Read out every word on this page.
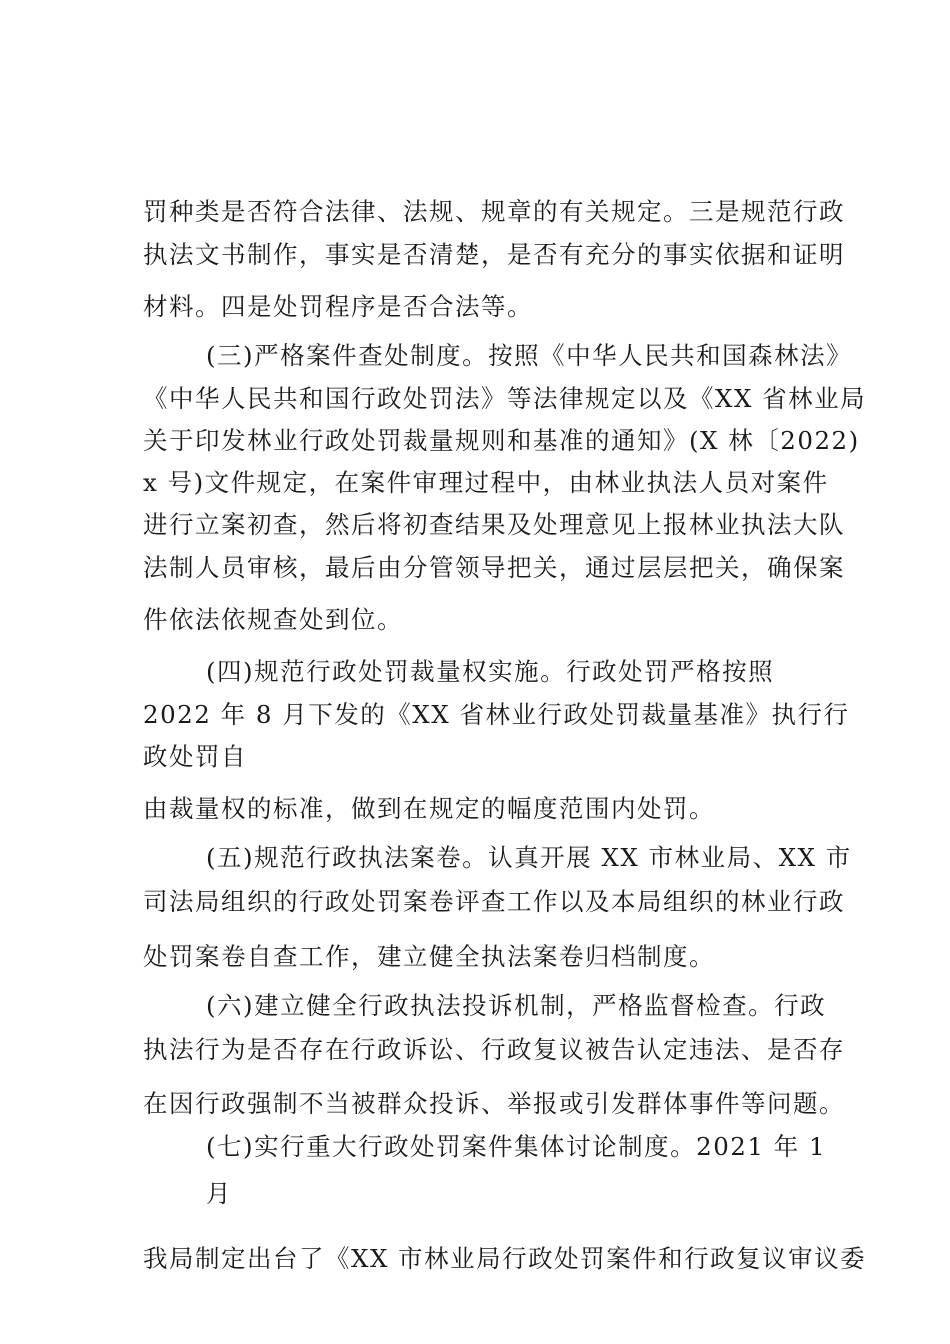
罚种类是否符合法律、法规、规章的有关规定。三是规范行政
执法文书制作，事实是否清楚，是否有充分的事实依据和证明
材料。四是处罚程序是否合法等。
(三)严格案件查处制度。按照《中华人民共和国森林法》
《中华人民共和国行政处罚法》等法律规定以及《XX 省林业局
关于印发林业行政处罚裁量规则和基准的通知》(X 林〔2022)
x 号)文件规定，在案件审理过程中，由林业执法人员对案件
进行立案初查，然后将初查结果及处理意见上报林业执法大队
法制人员审核，最后由分管领导把关，通过层层把关，确保案
件依法依规查处到位。
(四)规范行政处罚裁量权实施。行政处罚严格按照
2022 年 8 月下发的《XX 省林业行政处罚裁量基准》执行行
政处罚自
由裁量权的标准，做到在规定的幅度范围内处罚。
(五)规范行政执法案卷。认真开展 XX 市林业局、XX 市
司法局组织的行政处罚案卷评查工作以及本局组织的林业行政
处罚案卷自查工作，建立健全执法案卷归档制度。
(六)建立健全行政执法投诉机制，严格监督检查。行政
执法行为是否存在行政诉讼、行政复议被告认定违法、是否存
在因行政强制不当被群众投诉、举报或引发群体事件等问题。
(七)实行重大行政处罚案件集体讨论制度。2021 年 1
月
我局制定出台了《XX 市林业局行政处罚案件和行政复议审议委
